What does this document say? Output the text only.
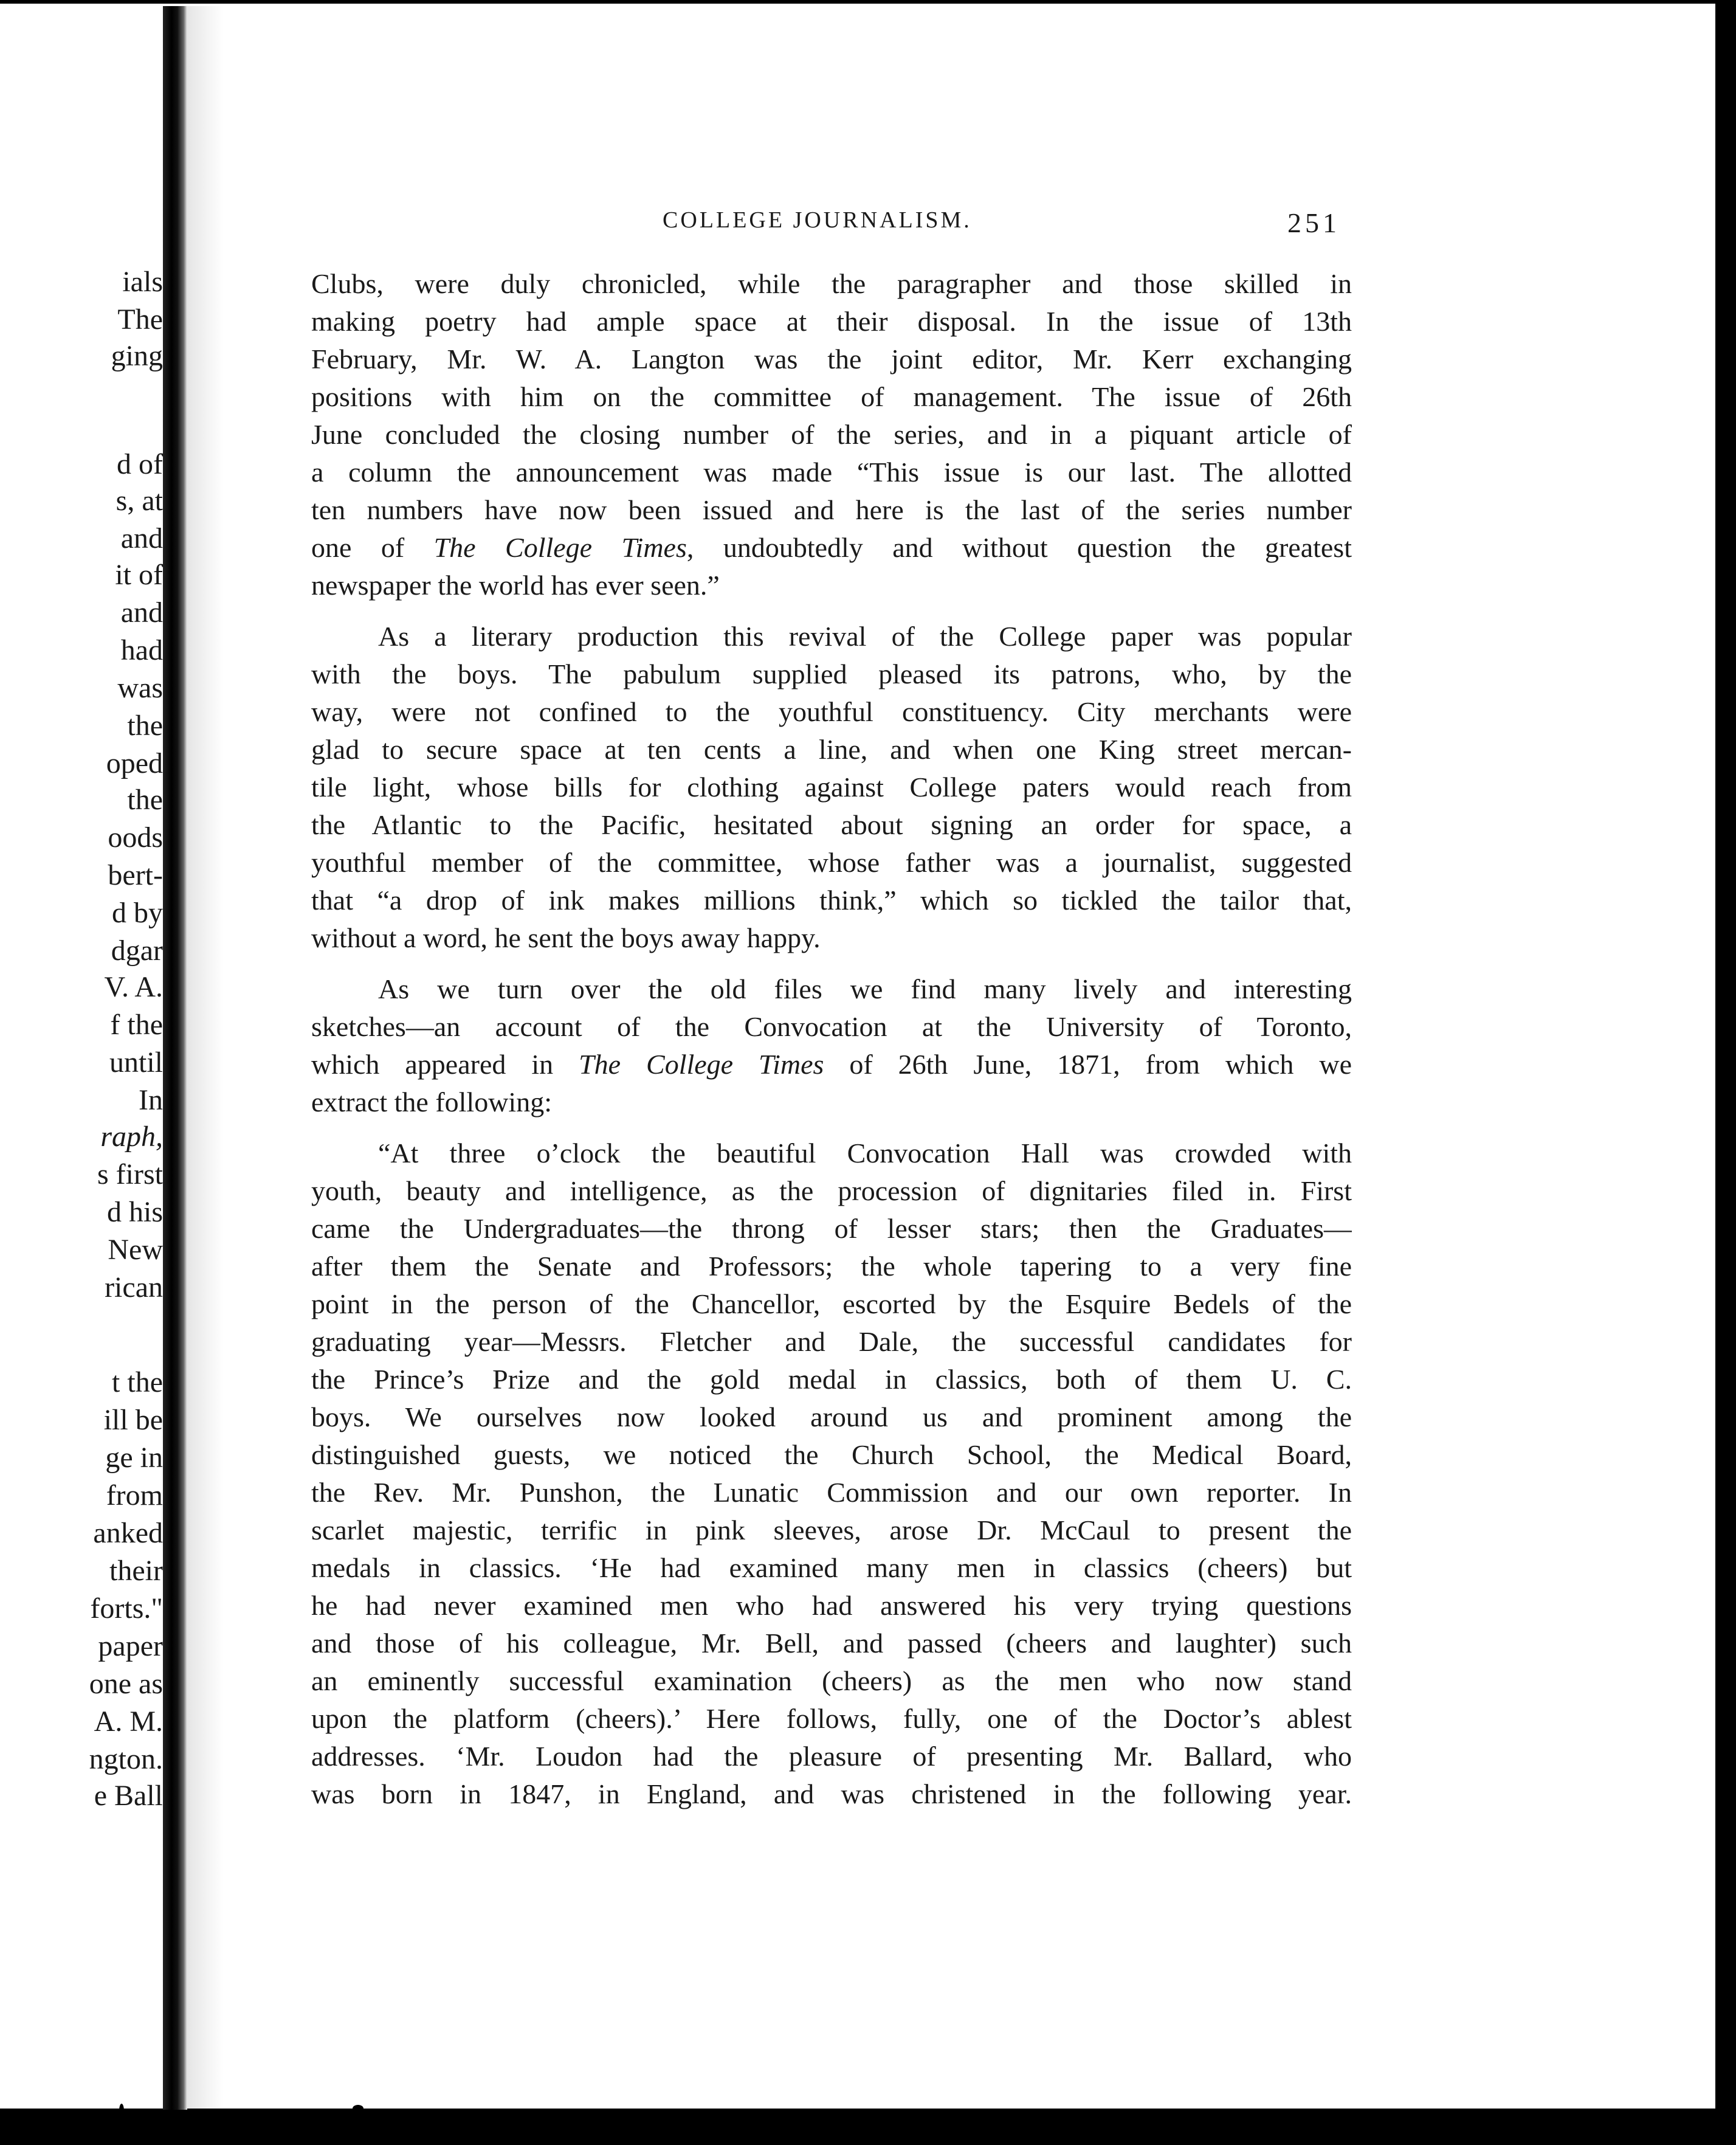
ials
The
ging
d of
s, at
and
it of
and
had
was
the
oped
the
oods
bert-
d by
dgar
V. A.
f the
until
In
raph,
s first
d his
New
rican
t the
ill be
ge in
from
anked
their
forts."
paper
one as
A. M.
ngton.
e Ball
COLLEGE JOURNALISM.	251
Clubs, were duly chronicled, while the paragrapher and those skilled in
making poetry had ample space at their disposal. In the issue of 13th
February, Mr. W. A. Langton was the joint editor, Mr. Kerr exchanging
positions with him on the committee of management. The issue of 26th
June concluded the closing number of the series, and in a piquant article of
a column the announcement was made “This issue is our last. The allotted
ten numbers have now been issued and here is the last of the series number
one of The College Times, undoubtedly and without question the greatest
newspaper the world has ever seen.”
As a literary production this revival of the College paper was popular
with the boys. The pabulum supplied pleased its patrons, who, by the
way, were not confined to the youthful constituency. City merchants were
glad to secure space at ten cents a line, and when one King street mercan-
tile light, whose bills for clothing against College paters would reach from
the Atlantic to the Pacific, hesitated about signing an order for space, a
youthful member of the committee, whose father was a journalist, suggested
that “a drop of ink makes millions think,” which so tickled the tailor that,
without a word, he sent the boys away happy.
As we turn over the old files we find many lively and interesting
sketches—an account of the Convocation at the University of Toronto,
which appeared in The College Times of 26th June, 1871, from which we
extract the following:
“At three o’clock the beautiful Convocation Hall was crowded with
youth, beauty and intelligence, as the procession of dignitaries filed in. First
came the Undergraduates—the throng of lesser stars; then the Graduates—
after them the Senate and Professors; the whole tapering to a very fine
point in the person of the Chancellor, escorted by the Esquire Bedels of the
graduating year—Messrs. Fletcher and Dale, the successful candidates for
the Prince’s Prize and the gold medal in classics, both of them U. C.
boys. We ourselves now looked around us and prominent among the
distinguished guests, we noticed the Church School, the Medical Board,
the Rev. Mr. Punshon, the Lunatic Commission and our own reporter. In
scarlet majestic, terrific in pink sleeves, arose Dr. McCaul to present the
medals in classics. ‘He had examined many men in classics (cheers) but
he had never examined men who had answered his very trying questions
and those of his colleague, Mr. Bell, and passed (cheers and laughter) such
an eminently successful examination (cheers) as the men who now stand
upon the platform (cheers).’ Here follows, fully, one of the Doctor’s ablest
addresses. ‘Mr. Loudon had the pleasure of presenting Mr. Ballard, who
was born in 1847, in England, and was christened in the following year.
